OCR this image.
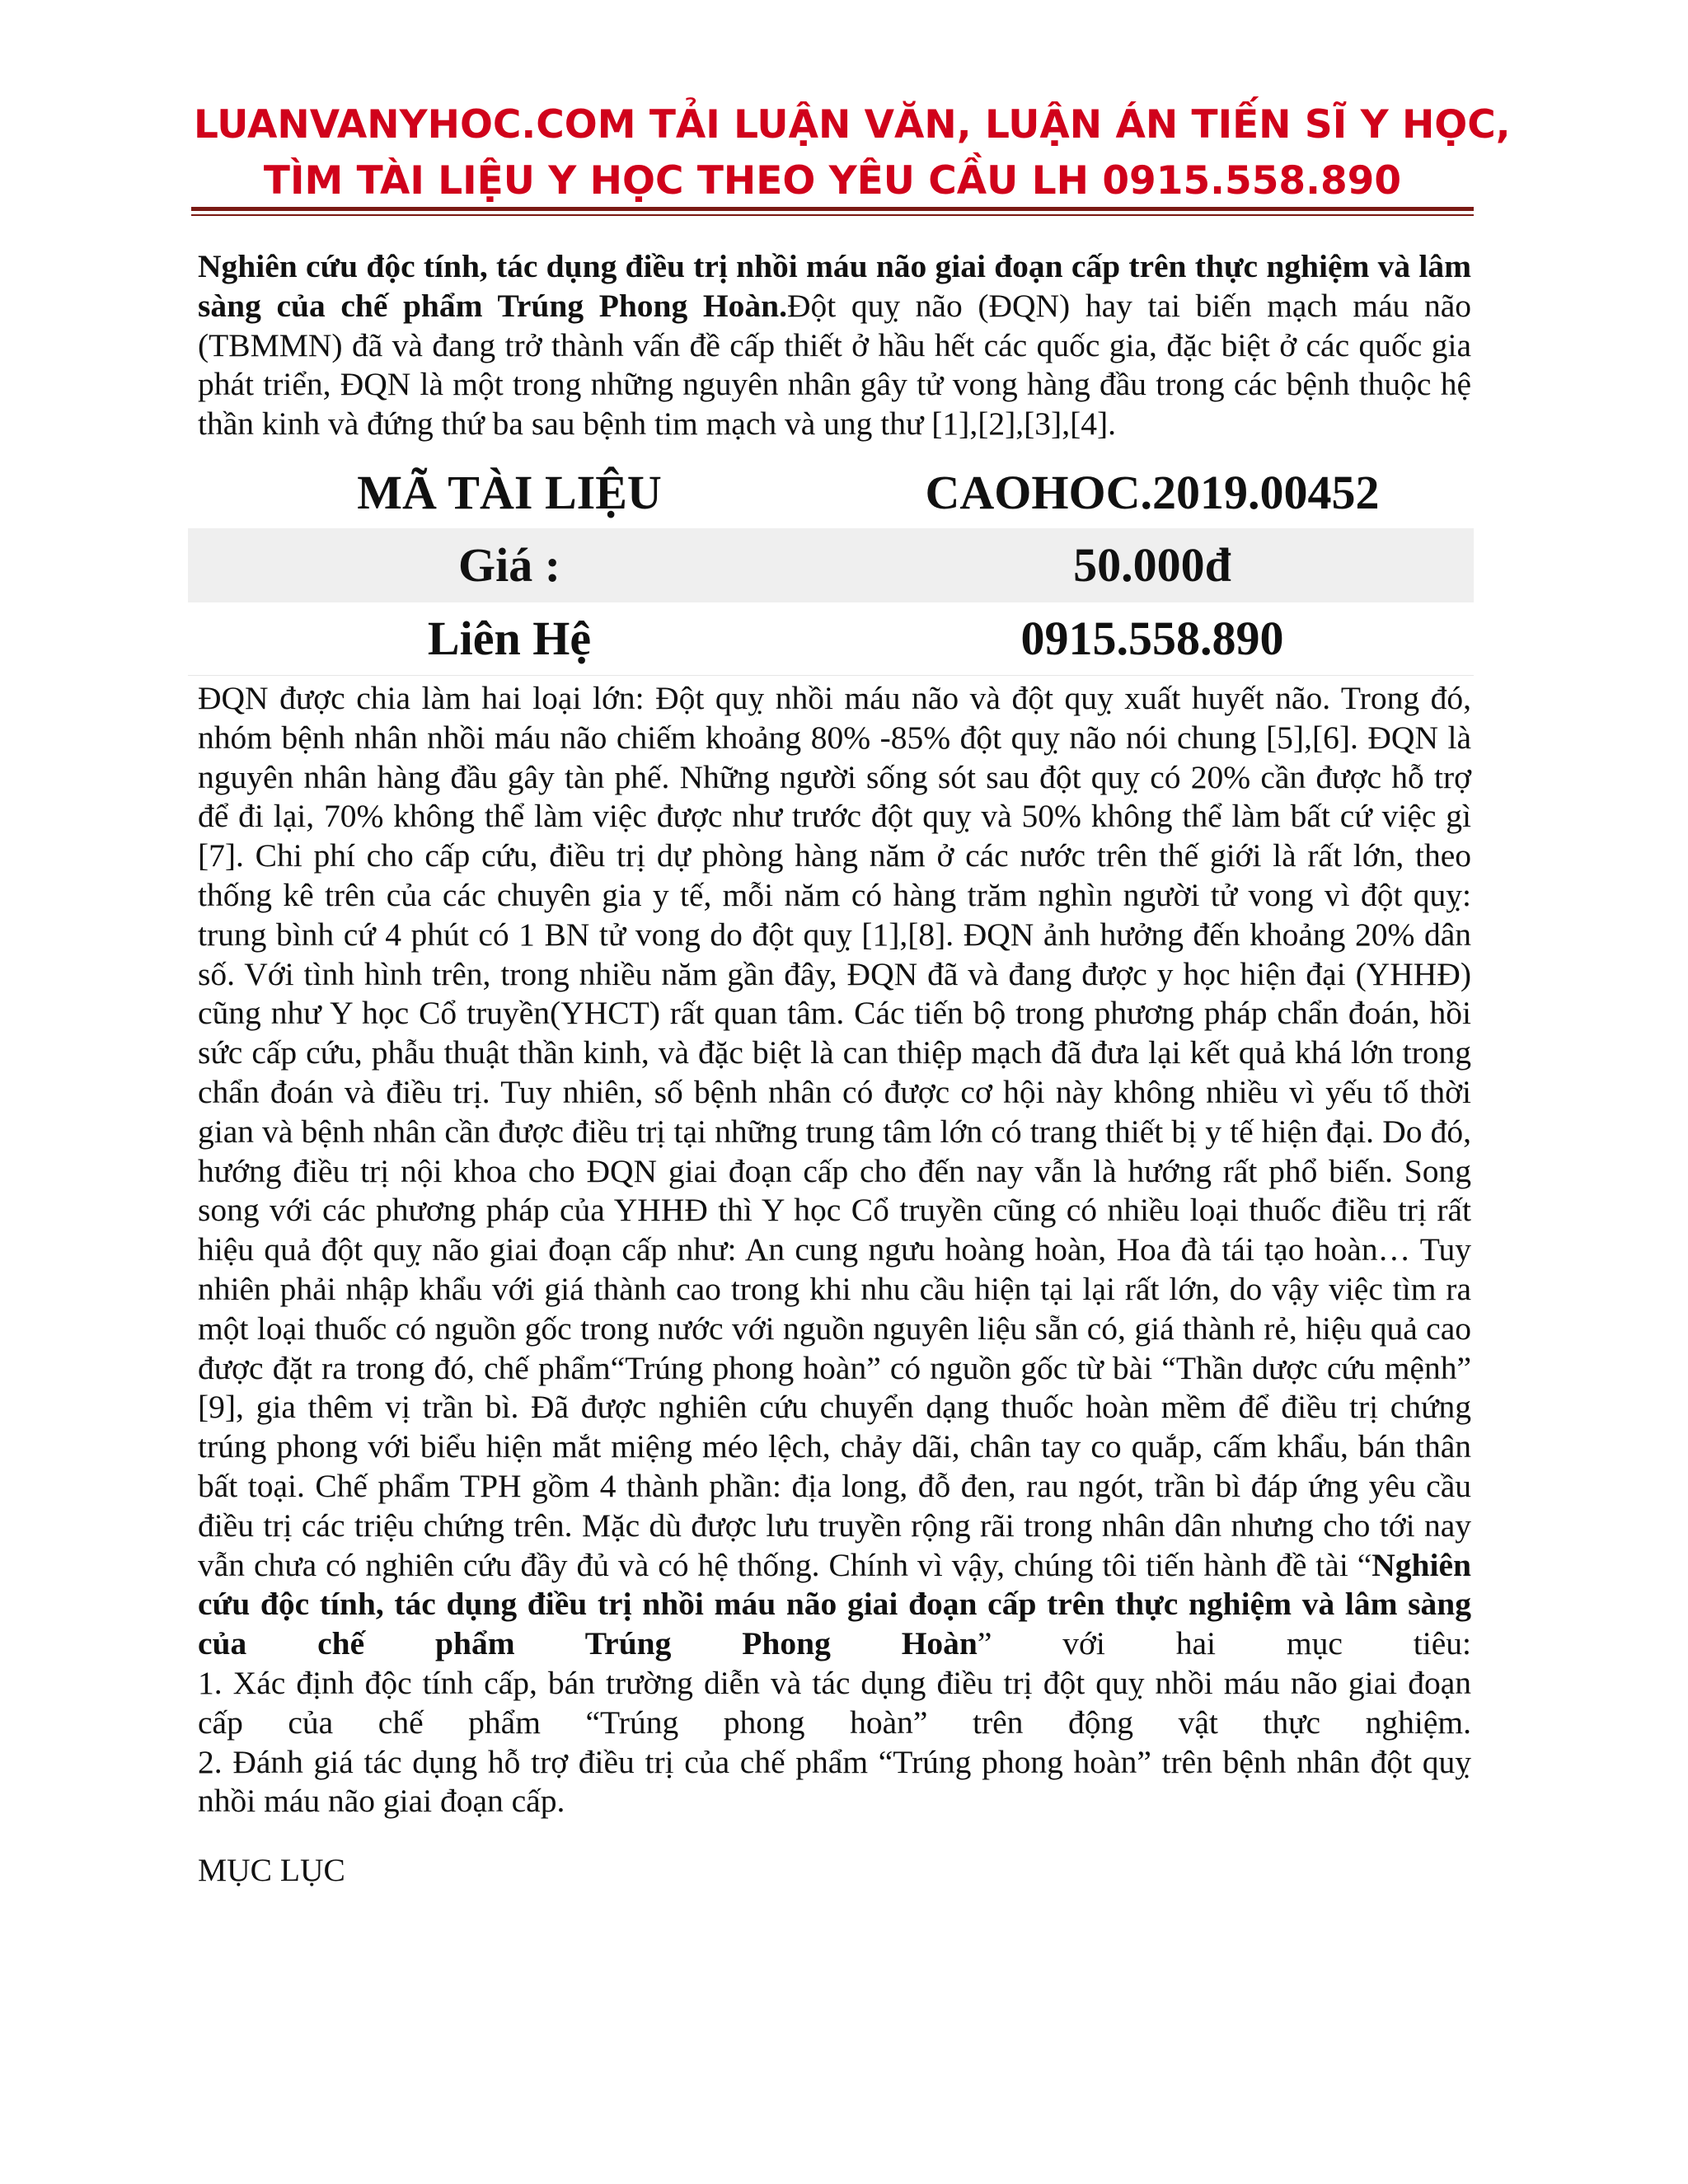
LUANVANYHOC.COM TẢI LUẬN VĂN, LUẬN ÁN TIẾN SĨ Y HỌC,
TÌM TÀI LIỆU Y HỌC THEO YÊU CẦU LH 0915.558.890
Nghiên cứu độc tính, tác dụng điều trị nhồi máu não giai đoạn cấp trên thực nghiệm và lâm sàng của chế phẩm Trúng Phong Hoàn.Đột quỵ não (ĐQN) hay tai biến mạch máu não (TBMMN) đã và đang trở thành vấn đề cấp thiết ở hầu hết các quốc gia, đặc biệt ở các quốc gia phát triển, ĐQN là một trong những nguyên nhân gây tử vong hàng đầu trong các bệnh thuộc hệ thần kinh và đứng thứ ba sau bệnh tim mạch và ung thư [1],[2],[3],[4].
MÃ TÀI LIỆU	CAOHOC.2019.00452
Giá :	50.000đ
Liên Hệ	0915.558.890

ĐQN được chia làm hai loại lớn: Đột quỵ nhồi máu não và đột quỵ xuất huyết não. Trong đó, nhóm bệnh nhân nhồi máu não chiếm khoảng 80% -85% đột quỵ não nói chung [5],[6]. ĐQN là nguyên nhân hàng đầu gây tàn phế. Những người sống sót sau đột quỵ có 20% cần được hỗ trợ để đi lại, 70% không thể làm việc được như trước đột quỵ và 50% không thể làm bất cứ việc gì [7]. Chi phí cho cấp cứu, điều trị dự phòng hàng năm ở các nước trên thế giới là rất lớn, theo thống kê trên của các chuyên gia y tế, mỗi năm có hàng trăm nghìn người tử vong vì đột quỵ: trung bình cứ 4 phút có 1 BN tử vong do đột quỵ [1],[8]. ĐQN ảnh hưởng đến khoảng 20% dân số. Với tình hình trên, trong nhiều năm gần đây, ĐQN đã và đang được y học hiện đại (YHHĐ) cũng như Y học Cổ truyền(YHCT) rất quan tâm. Các tiến bộ trong phương pháp chẩn đoán, hồi sức cấp cứu, phẫu thuật thần kinh, và đặc biệt là can thiệp mạch đã đưa lại kết quả khá lớn trong chẩn đoán và điều trị. Tuy nhiên, số bệnh nhân có được cơ hội này không nhiều vì yếu tố thời gian và bệnh nhân cần được điều trị tại những trung tâm lớn có trang thiết bị y tế hiện đại. Do đó, hướng điều trị nội khoa cho ĐQN giai đoạn cấp cho đến nay vẫn là hướng rất phổ biến. Song song với các phương pháp của YHHĐ thì Y học Cổ truyền cũng có nhiều loại thuốc điều trị rất hiệu quả đột quỵ não giai đoạn cấp như: An cung ngưu hoàng hoàn, Hoa đà tái tạo hoàn… Tuy nhiên phải nhập khẩu với giá thành cao trong khi nhu cầu hiện tại lại rất lớn, do vậy việc tìm ra một loại thuốc có nguồn gốc trong nước với nguồn nguyên liệu sẵn có, giá thành rẻ, hiệu quả cao được đặt ra trong đó, chế phẩm“Trúng phong hoàn” có nguồn gốc từ bài “Thần dược cứu mệnh” [9], gia thêm vị trần bì. Đã được nghiên cứu chuyển dạng thuốc hoàn mềm để điều trị chứng trúng phong với biểu hiện mắt miệng méo lệch, chảy dãi, chân tay co quắp, cấm khẩu, bán thân bất toại. Chế phẩm TPH gồm 4 thành phần: địa long, đỗ đen, rau ngót, trần bì đáp ứng yêu cầu điều trị các triệu chứng trên. Mặc dù được lưu truyền rộng rãi trong nhân dân nhưng cho tới nay vẫn chưa có nghiên cứu đầy đủ và có hệ thống. Chính vì vậy, chúng tôi tiến hành đề tài “Nghiên cứu độc tính, tác dụng điều trị nhồi máu não giai đoạn cấp trên thực nghiệm và lâm sàng của chế phẩm Trúng Phong Hoàn” với hai mục tiêu:

1. Xác định độc tính cấp, bán trường diễn và tác dụng điều trị đột quỵ nhồi máu não giai đoạn cấp của chế phẩm “Trúng phong hoàn” trên động vật thực nghiệm.

2. Đánh giá tác dụng hỗ trợ điều trị của chế phẩm “Trúng phong hoàn” trên bệnh nhân đột quỵ nhồi máu não giai đoạn cấp.

MỤC LỤC
